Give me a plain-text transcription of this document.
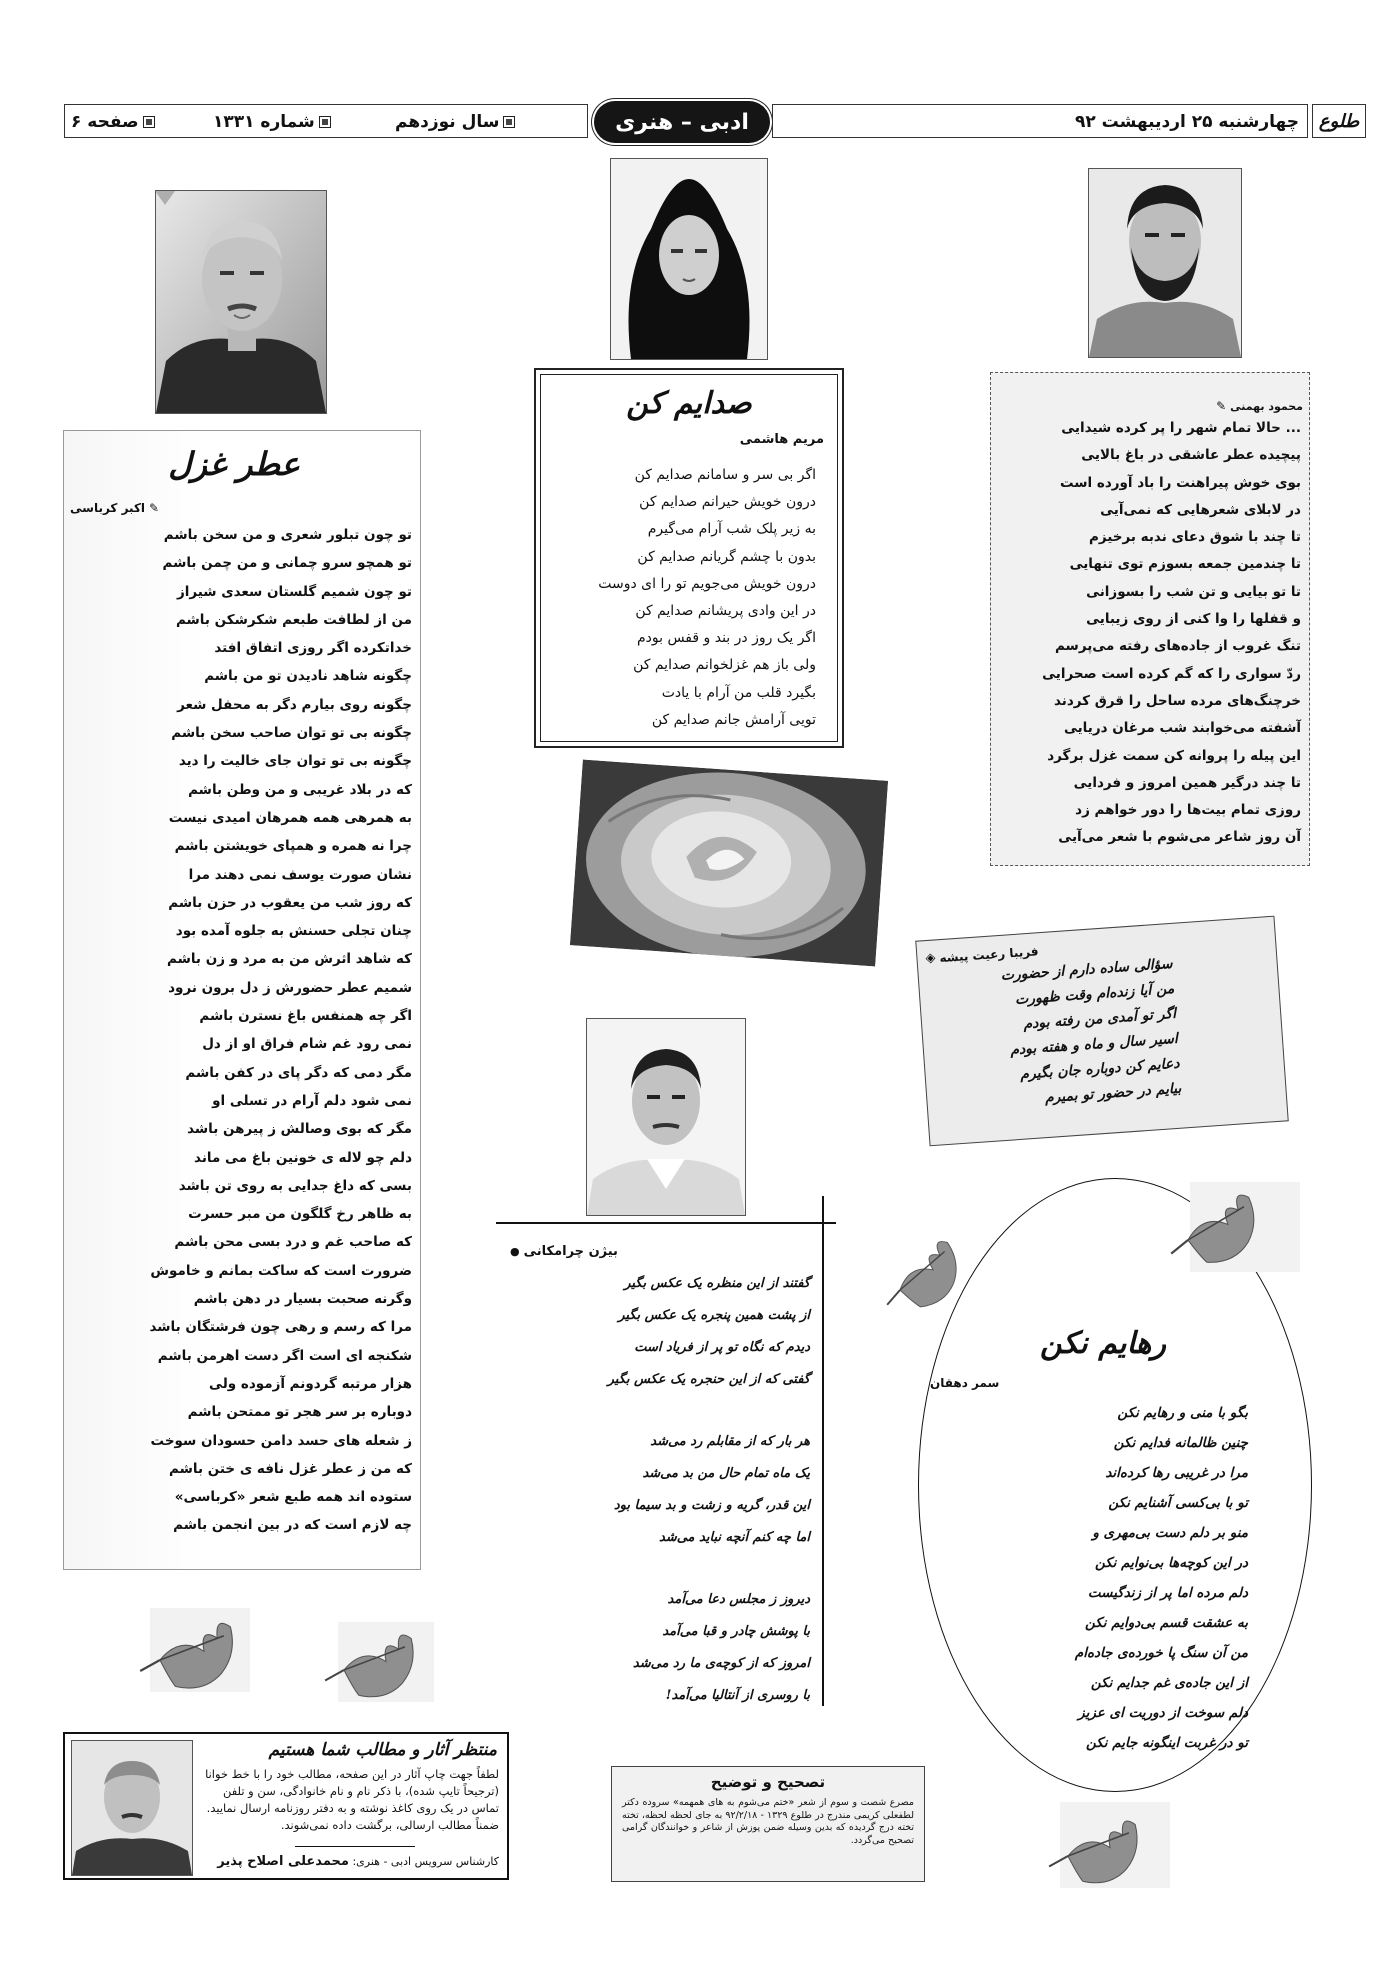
صفحه ۶	شماره ۱۳۳۱	سال نوزدهم	ادبی – هنری	چهارشنبه ۲۵ اردیبهشت ۹۲	طلوع
عطر غزل
✎
اکبر کرباسی
تو چون تبلور شعری و من سخن باشم
تو همچو سرو چمانی و من چمن باشم
تو چون شمیم گلستان سعدی شیراز
من از لطافت طبعم شکرشکن باشم
خداتکرده اگر روزی اتفاق افتد
چگونه شاهد نادیدن تو من باشم
چگونه روی بیارم دگر به محفل شعر
چگونه بی تو توان صاحب سخن باشم
چگونه بی تو توان جای خالیت را دید
که در بلاد غریبی و من وطن باشم
به همرهی همه همرهان امیدی نیست
چرا نه همره و همپای خویشتن باشم
نشان صورت یوسف نمی دهند مرا
که روز شب من یعقوب در حزن باشم
چنان تجلی حسنش به جلوه آمده بود
که شاهد اثرش من به مرد و زن باشم
شمیم عطر حضورش ز دل برون نرود
اگر چه همنفس باغ نسترن باشم
نمی رود غم شام فراق او از دل
مگر دمی که دگر پای در کفن باشم
نمی شود دلم آرام در تسلی او
مگر که بوی وصالش ز پیرهن باشد
دلم چو لاله ی خونین باغ می ماند
بسی که داغ جدایی به روی تن باشد
به ظاهر رخ گلگون من مبر حسرت
که صاحب غم و درد بسی محن باشم
ضرورت است که ساکت بمانم و خاموش
وگرنه صحبت بسیار در دهن باشم
مرا که رسم و رهی چون فرشتگان باشد
شکنجه ای است اگر دست اهرمن باشم
هزار مرتبه گردونم آزموده ولی
دوباره بر سر هجر تو ممتحن باشم
ز شعله های حسد دامن حسودان سوخت
که من ز عطر غزل نافه ی ختن باشم
ستوده اند همه طبع شعر «کرباسی»
چه لازم است که در بین انجمن باشم
صدایم کن
مریم هاشمی
اگر بی سر و سامانم صدایم کن
درون خویش حیرانم صدایم کن
به زیر پلک شب آرام می‌گیرم
بدون با چشم گریانم صدایم کن
درون خویش می‌جویم تو را ای دوست
در این وادی پریشانم صدایم کن
اگر یک روز در بند و قفس بودم
ولی باز هم غزلخوانم صدایم کن
بگیرد قلب من آرام با یادت
تویی آرامش جانم صدایم کن
محمود بهمنی
✎
... حالا تمام شهر را پر کرده شیدایی
پیچیده عطر عاشقی در باغ بالایی
بوی خوش پیراهنت را باد آورده است
در لابلای شعرهایی که نمی‌آیی
تا چند با شوق دعای ندبه برخیزم
تا چندمین جمعه بسوزم توی تنهایی
تا تو بیایی و تن شب را بسوزانی
و قفلها را وا کنی از روی زیبایی
تنگ غروب از جاده‌های رفته می‌پرسم
ردّ سواری را که گم کرده است صحرایی
خرچنگ‌های مرده ساحل را قرق کردند
آشفته می‌خوابند شب مرغان دریایی
این پیله را پروانه کن سمت غزل برگرد
تا چند درگیر همین امروز و فردایی
روزی تمام بیت‌ها را دور خواهم زد
آن روز شاعر می‌شوم با شعر می‌آیی
فریبا رعیت پیشه
◈	سؤالی ساده دارم از حضورت
من آیا زنده‌ام وقت ظهورت
اگر تو آمدی من رفته بودم
اسیر سال و ماه و هفته بودم
دعایم کن دوباره جان بگیرم
بیایم در حضور تو بمیرم
بیژن چرامکانی
●
گفتند از این منظره یک عکس بگیر
از پشت همین پنجره یک عکس بگیر
دیدم که نگاه تو پر از فریاد است
گفتی که از این حنجره یک عکس بگیر
هر بار که از مقابلم رد می‌شد
یک ماه تمام حال من بد می‌شد
این قدر، گریه و زشت و بد سیما بود
اما چه کنم آنچه نباید می‌شد
دیروز ز مجلس دعا می‌آمد
با پوشش چادر و قبا می‌آمد
امروز که از کوچه‌ی ما رد می‌شد
با روسری از آنتالیا می‌آمد!
رهایم نکن
سمر دهقان
بگو با منی و رهایم نکن
چنین ظالمانه فدایم نکن
مرا در غریبی رها کرده‌اند
تو با بی‌کسی آشنایم نکن
منو بر دلم دست بی‌مهری و
در این کوچه‌ها بی‌نوایم نکن
دلم مرده اما پر از زندگیست
به عشقت قسم بی‌دوایم نکن
من آن سنگ پا خورده‌ی جاده‌ام
از این جاده‌ی غم جدایم نکن
دلم سوخت از دوریت ای عزیز
تو در غربت اینگونه جایم نکن
منتظر آثار و مطالب شما هستیم
لطفاً جهت چاپ آثار در این صفحه، مطالب خود را با خط خوانا (ترجیحاً تایپ شده)، با ذکر نام و نام خانوادگی، سن و تلفن تماس در یک روی کاغذ نوشته و به دفتر روزنامه ارسال نمایید. ضمناً مطالب ارسالی، برگشت داده نمی‌شوند.
کارشناس سرویس ادبی - هنری: محمدعلی اصلاح پذیر
تصحیح و توضیح
مصرع شصت و سوم از شعر «ختم می‌شوم به های همهمه» سروده دکتر لطفعلی کریمی مندرج در طلوع ۱۳۲۹ - ۹۲/۲/۱۸ به جای لحظه لحظه، تخته تخته درج گردیده که بدین وسیله ضمن پوزش از شاعر و خوانندگان گرامی تصحیح می‌گردد.
